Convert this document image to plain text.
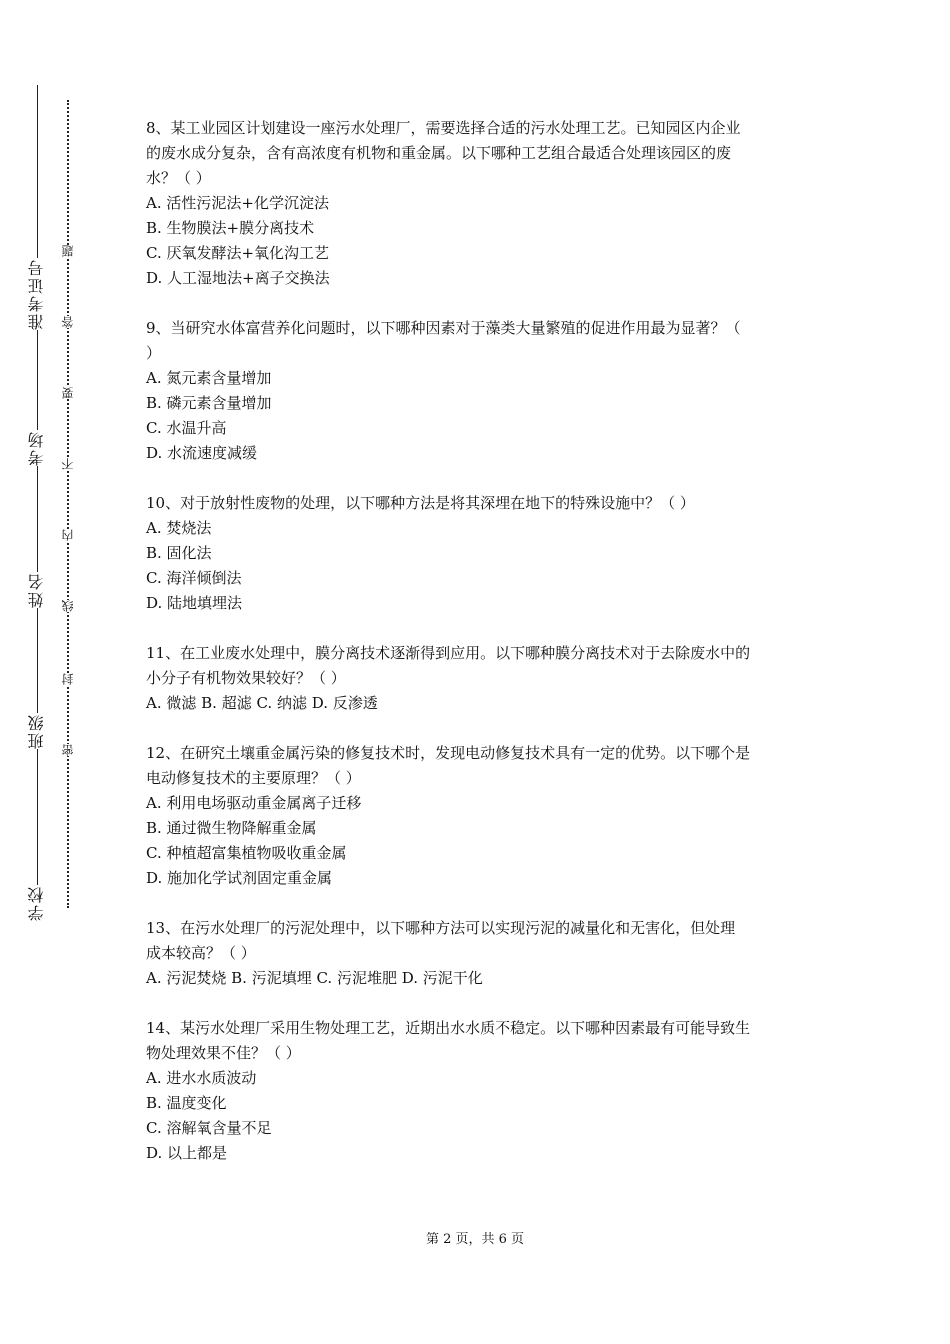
准考证号
考场
姓名
班级
学校
题
答
要
不
内
线
封
密
8、某工业园区计划建设一座污水处理厂，需要选择合适的污水处理工艺。已知园区内企业
的废水成分复杂，含有高浓度有机物和重金属。以下哪种工艺组合最适合处理该园区的废
水？（ ）
A. 活性污泥法+化学沉淀法
B. 生物膜法+膜分离技术
C. 厌氧发酵法+氧化沟工艺
D. 人工湿地法+离子交换法
9、当研究水体富营养化问题时，以下哪种因素对于藻类大量繁殖的促进作用最为显著？（
）
A. 氮元素含量增加
B. 磷元素含量增加
C. 水温升高
D. 水流速度减缓
10、对于放射性废物的处理，以下哪种方法是将其深埋在地下的特殊设施中？（ ）
A. 焚烧法
B. 固化法
C. 海洋倾倒法
D. 陆地填埋法
11、在工业废水处理中，膜分离技术逐渐得到应用。以下哪种膜分离技术对于去除废水中的
小分子有机物效果较好？（ ）
A. 微滤 B. 超滤 C. 纳滤 D. 反渗透
12、在研究土壤重金属污染的修复技术时，发现电动修复技术具有一定的优势。以下哪个是
电动修复技术的主要原理？（ ）
A. 利用电场驱动重金属离子迁移
B. 通过微生物降解重金属
C. 种植超富集植物吸收重金属
D. 施加化学试剂固定重金属
13、在污水处理厂的污泥处理中，以下哪种方法可以实现污泥的减量化和无害化，但处理
成本较高？（ ）
A. 污泥焚烧 B. 污泥填埋 C. 污泥堆肥 D. 污泥干化
14、某污水处理厂采用生物处理工艺，近期出水水质不稳定。以下哪种因素最有可能导致生
物处理效果不佳？（ ）
A. 进水水质波动
B. 温度变化
C. 溶解氧含量不足
D. 以上都是
第 2 页，共 6 页
